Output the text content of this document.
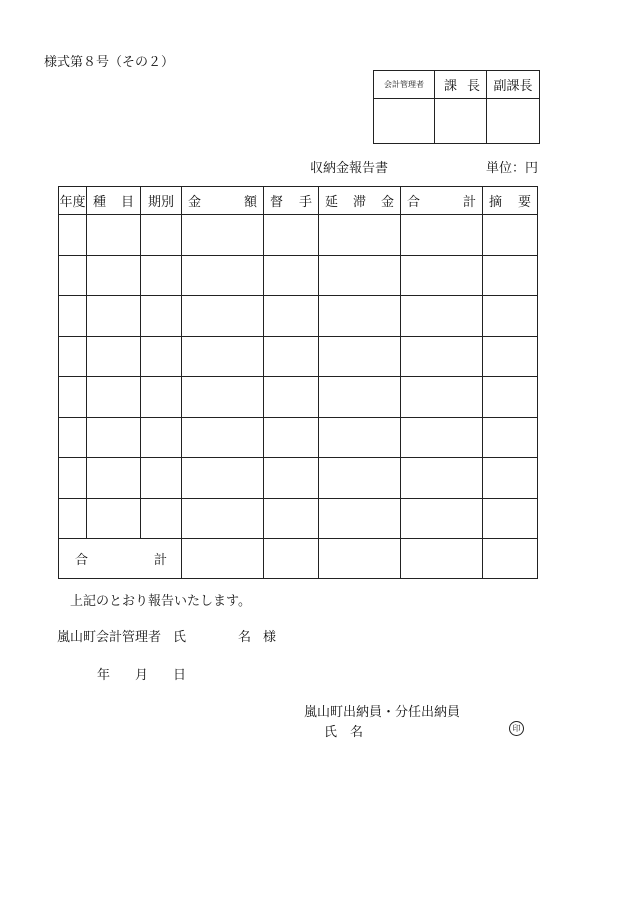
様式第８号（その２）
会計管理者	課 長	副課長

収納金報告書	単位：円
年度	種 目	期別	金 額	督 手	延 滞 金	合 計	摘 要

合 計							

上記のとおり報告いたします。
嵐山町会計管理者 氏	名 様
年 月 日
嵐山町出納員・分任出納員
氏 名	印
